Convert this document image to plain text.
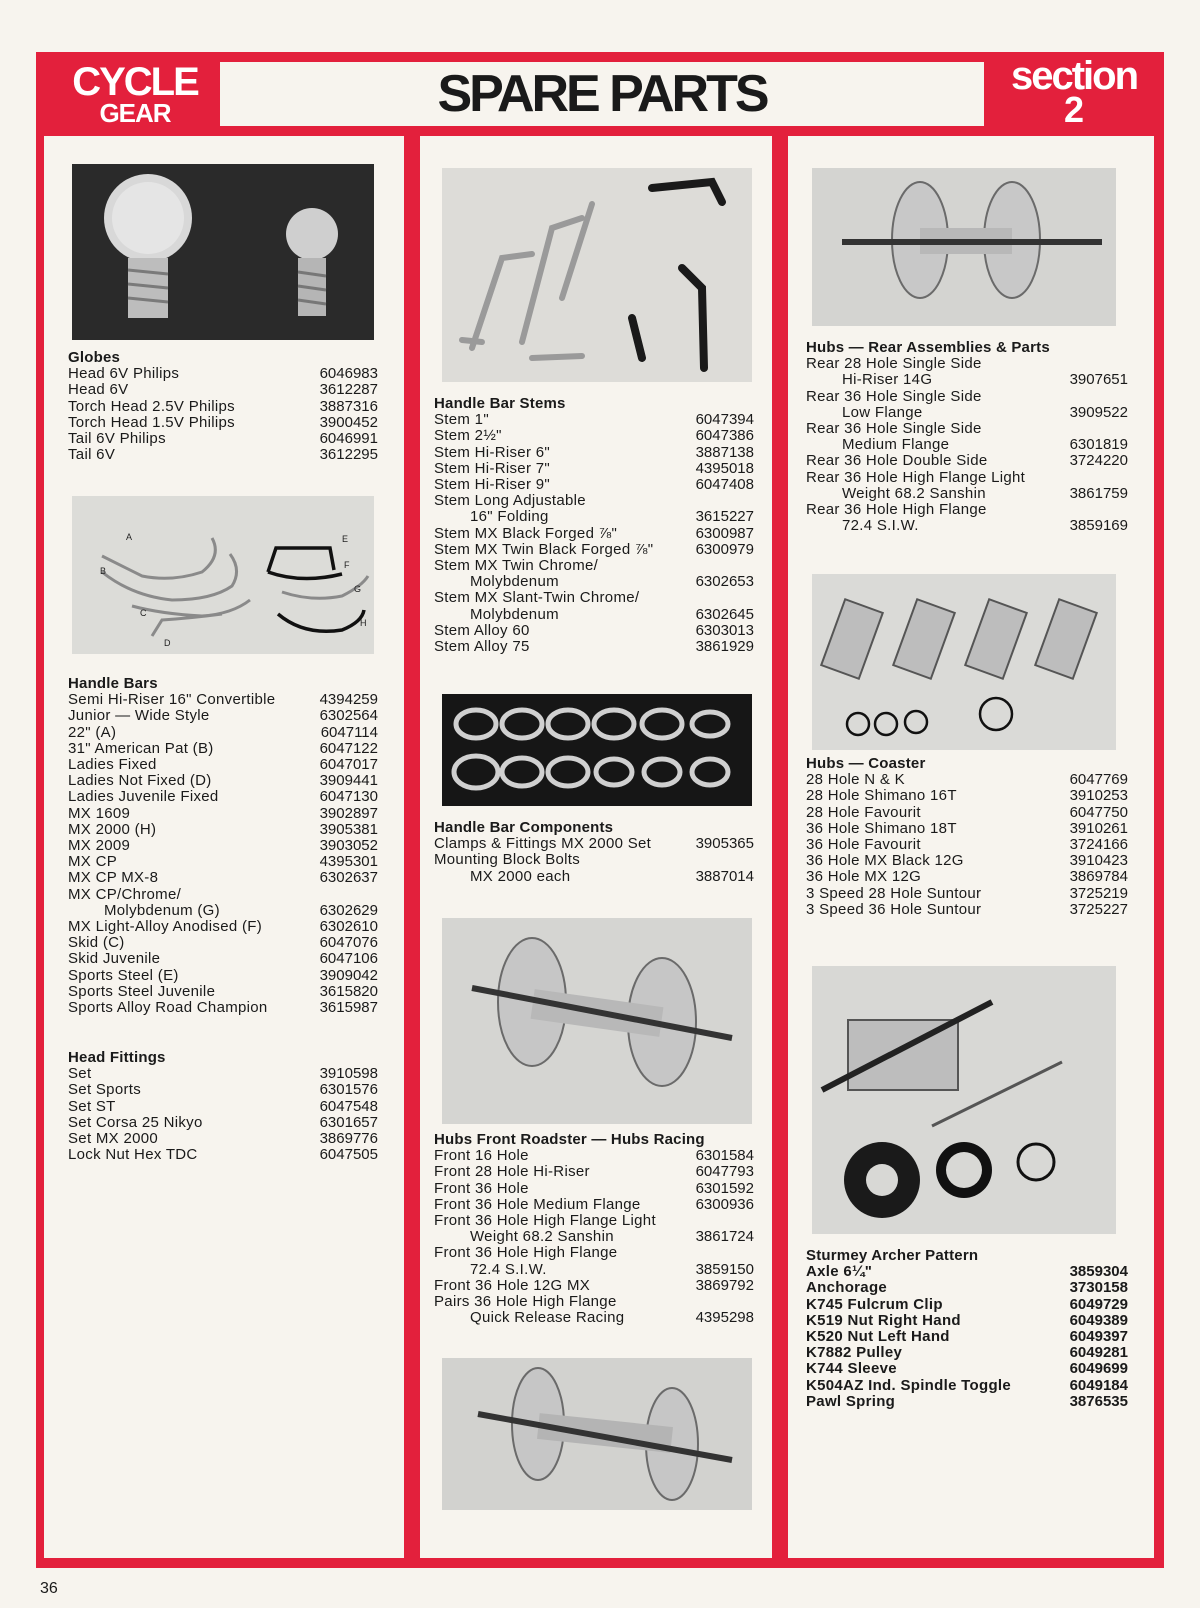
CYCLE
GEAR	SPARE PARTS	section
2
Globes
Head 6V Philips	6046983
Head 6V	3612287
Torch Head 2.5V Philips	3887316
Torch Head 1.5V Philips	3900452
Tail 6V Philips	6046991
Tail 6V	3612295
A
B
C
D
E
F
G
H
Handle Bars
Semi Hi-Riser 16" Convertible	4394259
Junior — Wide Style	6302564
22" (A)	6047114
31" American Pat (B)	6047122
Ladies Fixed	6047017
Ladies Not Fixed (D)	3909441
Ladies Juvenile Fixed	6047130
MX 1609	3902897
MX 2000 (H)	3905381
MX 2009	3903052
MX CP	4395301
MX CP MX-8	6302637
MX CP/Chrome/
Molybdenum (G)	6302629
MX Light-Alloy Anodised (F)	6302610
Skid (C)	6047076
Skid Juvenile	6047106
Sports Steel (E)	3909042
Sports Steel Juvenile	3615820
Sports Alloy Road Champion	3615987
Head Fittings
Set	3910598
Set Sports	6301576
Set ST	6047548
Set Corsa 25 Nikyo	6301657
Set MX 2000	3869776
Lock Nut Hex TDC	6047505
Handle Bar Stems
Stem 1"	6047394
Stem 2½"	6047386
Stem Hi-Riser 6"	3887138
Stem Hi-Riser 7"	4395018
Stem Hi-Riser 9"	6047408
Stem Long Adjustable
16" Folding	3615227
Stem MX Black Forged ⅞"	6300987
Stem MX Twin Black Forged ⅞"	6300979
Stem MX Twin Chrome/
Molybdenum	6302653
Stem MX Slant-Twin Chrome/
Molybdenum	6302645
Stem Alloy 60	6303013
Stem Alloy 75	3861929
Handle Bar Components
Clamps & Fittings MX 2000 Set	3905365
Mounting Block Bolts
MX 2000 each	3887014
Hubs Front Roadster — Hubs Racing
Front 16 Hole	6301584
Front 28 Hole Hi-Riser	6047793
Front 36 Hole	6301592
Front 36 Hole Medium Flange	6300936
Front 36 Hole High Flange Light
Weight 68.2 Sanshin	3861724
Front 36 Hole High Flange
72.4 S.I.W.	3859150
Front 36 Hole 12G MX	3869792
Pairs 36 Hole High Flange
Quick Release Racing	4395298
Hubs — Rear Assemblies & Parts
Rear 28 Hole Single Side
Hi-Riser 14G	3907651
Rear 36 Hole Single Side
Low Flange	3909522
Rear 36 Hole Single Side
Medium Flange	6301819
Rear 36 Hole Double Side	3724220
Rear 36 Hole High Flange Light
Weight 68.2 Sanshin	3861759
Rear 36 Hole High Flange
72.4 S.I.W.	3859169
Hubs — Coaster
28 Hole N & K	6047769
28 Hole Shimano 16T	3910253
28 Hole Favourit	6047750
36 Hole Shimano 18T	3910261
36 Hole Favourit	3724166
36 Hole MX Black 12G	3910423
36 Hole MX 12G	3869784
3 Speed 28 Hole Suntour	3725219
3 Speed 36 Hole Suntour	3725227
Sturmey Archer Pattern
Axle 6¼"	3859304
Anchorage	3730158
K745 Fulcrum Clip	6049729
K519 Nut Right Hand	6049389
K520 Nut Left Hand	6049397
K7882 Pulley	6049281
K744 Sleeve	6049699
K504AZ Ind. Spindle Toggle	6049184
Pawl Spring	3876535
36
